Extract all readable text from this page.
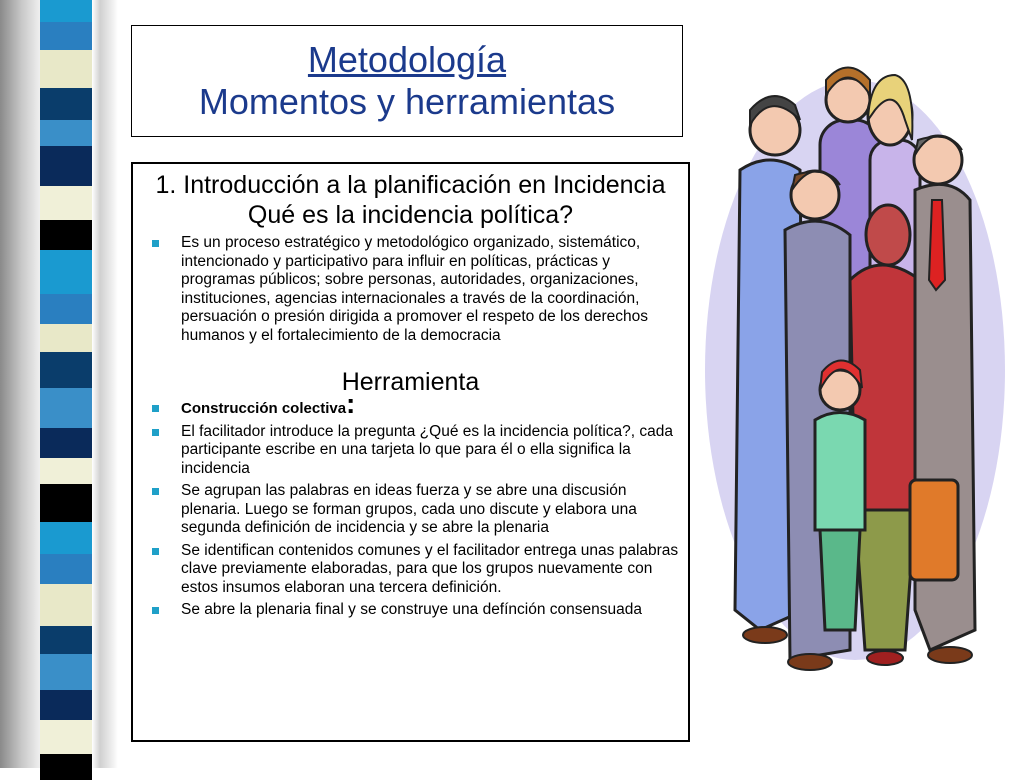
Metodología
Momentos y herramientas
1. Introducción a la planificación en Incidencia
Qué es la incidencia política?
Es un proceso estratégico y metodológico organizado, sistemático, intencionado y participativo para influir en políticas, prácticas y programas públicos; sobre personas, autoridades, organizaciones, instituciones, agencias internacionales a través de la coordinación, persuación o presión dirigida a promover el respeto de los derechos humanos y el fortalecimiento de la democracia
Herramienta
Construcción colectiva:
El facilitador introduce la pregunta ¿Qué es la incidencia política?, cada participante escribe en una tarjeta lo que para él o ella significa la incidencia
Se agrupan las palabras en ideas fuerza y se abre una discusión plenaria. Luego se forman grupos, cada uno discute y elabora una segunda definición de incidencia y se abre la plenaria
Se identifican contenidos comunes y el facilitador entrega unas palabras clave previamente elaboradas, para que los grupos nuevamente con estos insumos elaboran una tercera definición.
Se abre la plenaria final y se construye una defínción consensuada
